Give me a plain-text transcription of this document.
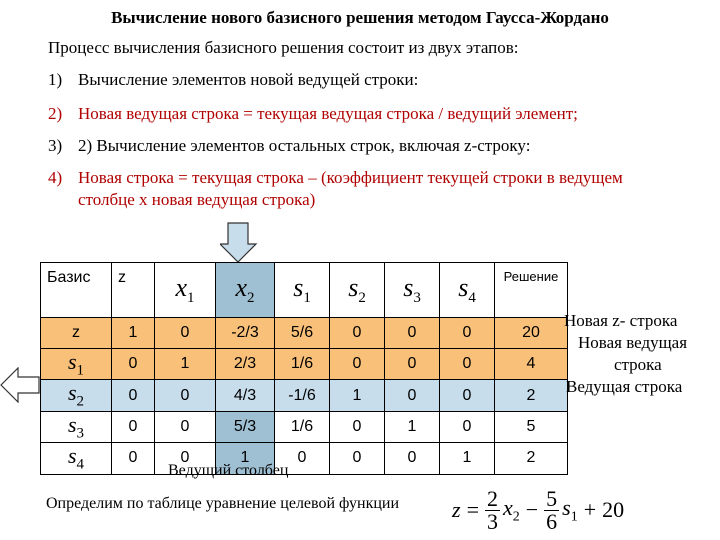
Вычисление нового базисного решения методом Гаусса-Жордано
Процесс вычисления базисного решения состоит из двух этапов:
1) Вычисление элементов новой ведущей строки:
2) Новая ведущая строка = текущая ведущая строка / ведущий элемент;
3) 2) Вычисление элементов остальных строк, включая z-строку:
4) Новая строка = текущая строка – (коэффициент текущей строки в ведущем
столбце х новая ведущая строка)
Базис	z	$x_1$	$x_2$	$s_1$	$s_2$	$s_3$	$s_4$	Решение
z	1	0	-2/3	5/6	0	0	0	20
$s_1$	0	1	2/3	1/6	0	0	0	4
$s_2$	0	0	4/3	-1/6	1	0	0	2
$s_3$	0	0	5/3	1/6	0	1	0	5
$s_4$	0	0	1	0	0	0	1	2
Новая z- строка
Новая ведущая
строка
Ведущая строка
Ведущий столбец
Определим по таблице уравнение целевой функции $z = \frac{2}{3} x_2 - \frac{5}{6} s_1 + 20$
